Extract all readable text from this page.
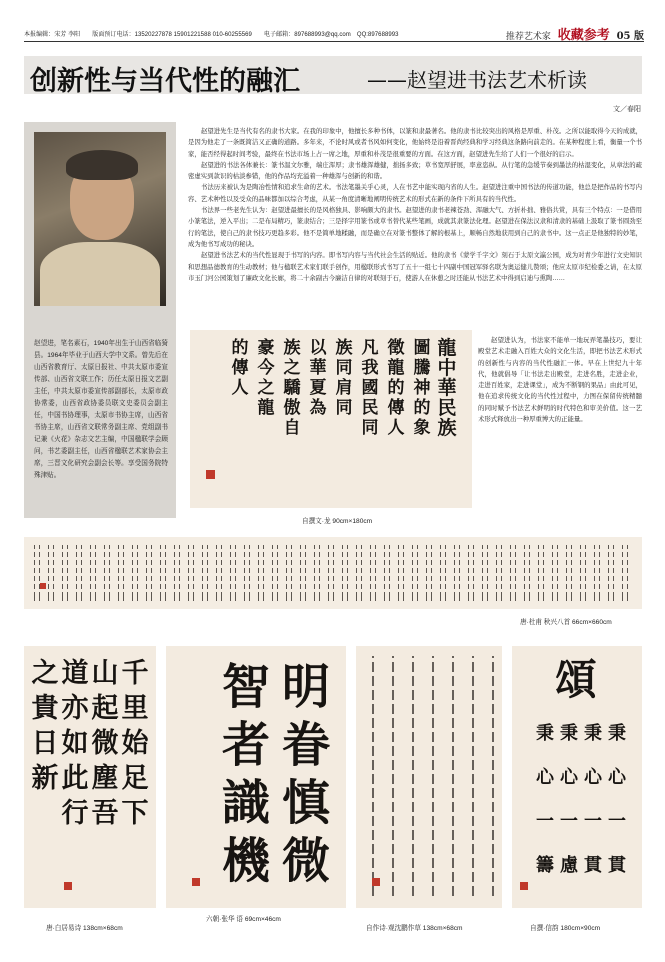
本报编辑：宋芳 李阳　　版面预订电话：13520227878 15901221588 010-60255569　　电子邮箱：897688993@qq.com　QQ:897688993	推荐艺术家 收藏参考 05 版
创新性与当代性的融汇	——赵望进书法艺术析读
文／春阳
赵望进，笔名素石，1940年出生于山西省临猗县。1964年毕业于山西大学中文系。曾先后在山西省教育厅、太原日报社、中共太原市委宣传部、山西省文联工作；历任太原日报文艺副主任，中共太原市委宣传部副部长，太原市政协常委，山西省政协委员联文史委员会副主任，中国书协理事，太原市书协主席，山西省书协主席，山西省文联常务副主席、党组副书记兼《火花》杂志文艺主编，中国楹联学会顾问，书艺委副主任，山西省楹联艺术家协会主席，三晋文化研究会副会长等。享受国务院特殊津贴。

赵望进先生是当代有名的隶书大家。在我的印象中，他擅长多种书体，以篆和隶最著名。他的隶书比较突出的风格是厚重、朴茂。之所以能取得今天的成就，是因为他走了一条既简洁又正确的道路。多年来，不论时风或者书风如何变化，他始终是沿着晋尚经典和学习经典这条路向前走的。在某种程度上看，衡量一个书家，能否经得起时间考验，最终在书法市场上占一席之地，厚重和朴茂是很重要的方面。在这方面，赵望进先生给了人们一个很好的启示。

赵望进的书法各体兼长：篆书温文尔雅，端庄浑厚；隶书雄浑雄健，拙扬多致；草书宽厚舒展，率意恣纵。从行笔的急缓节奏到墨法的枯湿变化，从章法的疏密虚实到款识的枯淡参错，他的作品均充溢着一种雄浑与创新的和谐。

书法历来被认为是陶冶性情和追求生命的艺术。书法笔墨关乎心灵，人在书艺中能实现内省的人生。赵望进注重中国书法的传道功能，他总是把作品的书写内容、艺术种性以及受众的品味都加以综合考虑，从某一角度清晰地阐明传统艺术的形式在新的条件下所具有的当代性。

书法界一些老先生认为：赵望进最擅长的是风格独具、影响颇大的隶书。赵望进的隶书老辣苍劲、浑融大气、方折朴拙、雅俗共赏，具有三个特点：一是借用小篆笔法，逆入平出；二是布局精巧，篆隶结合；三是择字用篆书或草书替代某些笔画，成就其隶篆法化理。赵望进在保法汉隶和清隶的基础上汲取了篆书圆劲至行的笔法，使自己的隶书技巧更趋多彩。他不是简单地糅融，而是确立在对篆书整体了解的根基上，顺畅自然地获用到自己的隶书中。这一点正是他独特的妙笔，成为他书写成功的秘诀。

赵望进书法艺术的当代性显现于书写的内容。即书写内容与当代社会生活的贴近。他的隶书《蒙学千字文》刻石于太原文瀛公园，成为对青少年进行文史知识和思想品德教育的生动教材；他与楹联艺术家们联手创作，用楹联形式书写了五十一组七十四副中国冠军驿名联为奥运健儿赞颂；他应太原市纪检委之请，在太原市玉门河公园策划了廉政文化长廊，将二十余副古今廉洁自律的对联刻于石，使游人在休憩之时还能从书法艺术中得到启迪与熏陶……

赵望进认为，书法家不能单一地玩弄笔墨技巧，要让殿堂艺术走融入百姓大众的文化生活，即把书法艺术形式的创新性与内容的当代性融汇一体。早在上世纪九十年代，他就倡导「让书法走出殿堂，走进名胜，走进企业，走进百姓家，走进课堂」，成为不断钢的果品」由此可见，他在追求传统文化的当代性过程中，力图在保留传统精髓的同时赋予书法艺术鲜明的时代特色和审美价值。这一艺术形式释放出一种厚重博大的正能量。

龍中華民族
圖騰神的象
徵龍的傳人
凡我國民同
族同肩同
以華夏為
族之驕傲自
豪今之龍
的傳人
自撰文·龙 90cm×180cm
唐·杜甫 秋兴八首 66cm×660cm
千里始足下
山起微塵吾
道亦如此行
之貴日新
唐·白居易诗 138cm×68cm
明眷慎微
智者識機
六朝·张华 语 69cm×46cm
自作诗·观沈鹏作草 138cm×68cm
頌
秉心一貫
秉心一貫
秉心一慮
秉心一籌
自撰·信韵 180cm×90cm
